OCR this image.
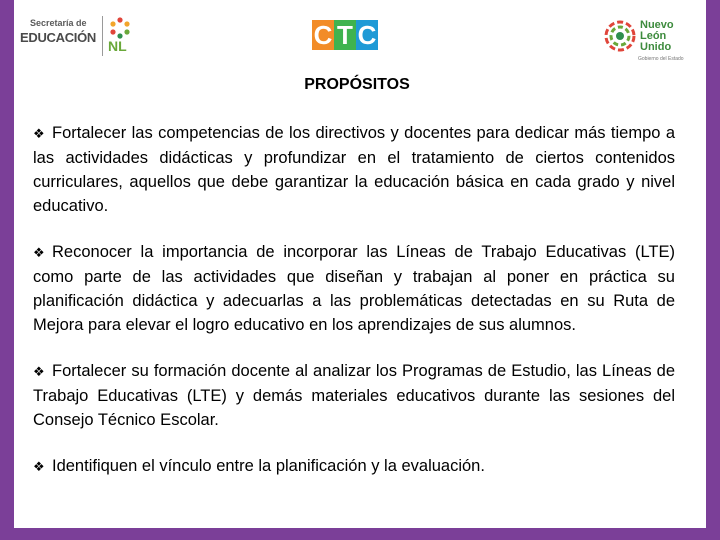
Secretaría de
EDUCACIÓN
NL	C T C	Nuevo
León
Unido
Gobierno del Estado
PROPÓSITOS

❖ Fortalecer las competencias de los directivos y docentes para dedicar más tiempo a las actividades didácticas y profundizar en el tratamiento de ciertos contenidos curriculares, aquellos que debe garantizar la educación básica en cada grado y nivel educativo.

❖ Reconocer la importancia de incorporar las Líneas de Trabajo Educativas (LTE) como parte de las actividades que diseñan y trabajan al poner en práctica su planificación didáctica y adecuarlas a las problemáticas detectadas en su Ruta de Mejora para elevar el logro educativo en los aprendizajes de sus alumnos.

❖ Fortalecer su formación docente al analizar los Programas de Estudio, las Líneas de Trabajo Educativas (LTE) y demás materiales educativos durante las sesiones del Consejo Técnico Escolar.

❖ Identifiquen el vínculo entre la planificación y la evaluación.
